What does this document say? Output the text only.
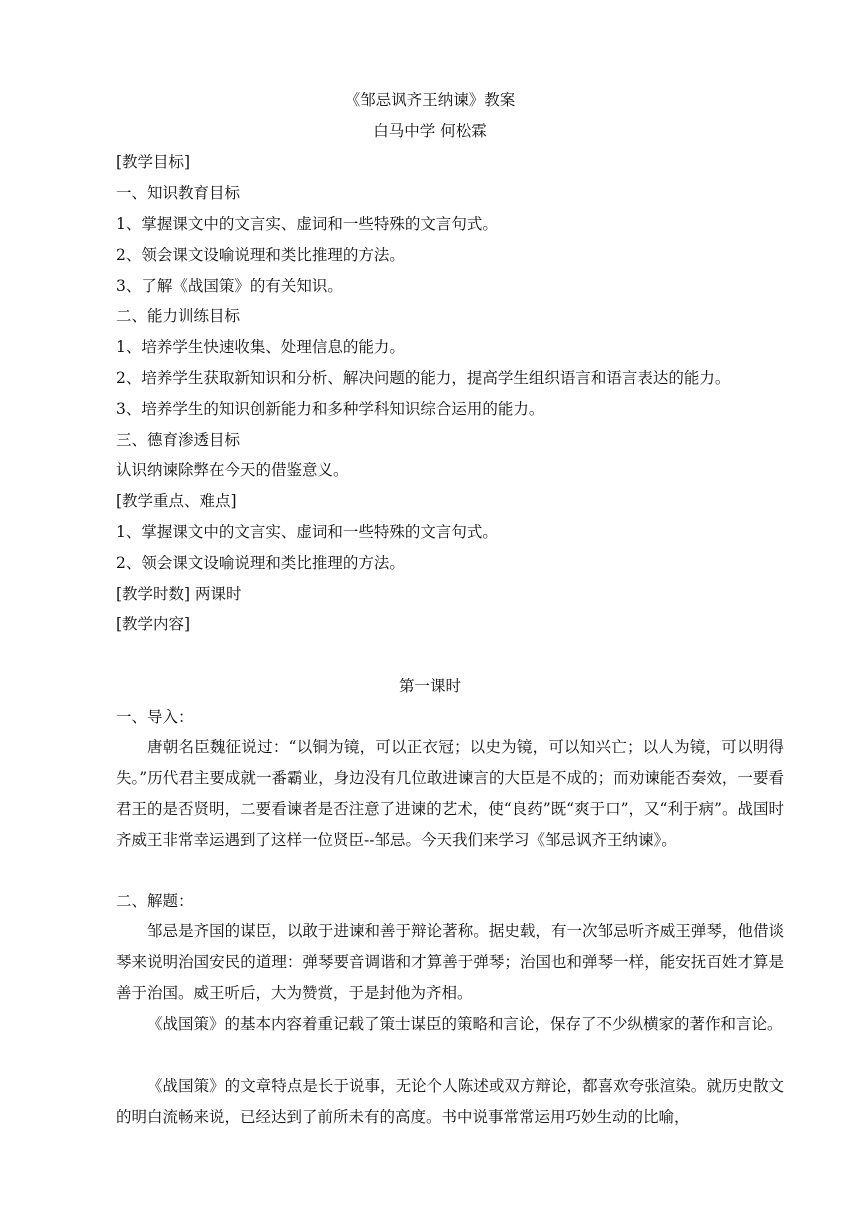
《邹忌讽齐王纳谏》教案
白马中学 何松霖
[教学目标]
一、知识教育目标
1、掌握课文中的文言实、虚词和一些特殊的文言句式。
2、领会课文设喻说理和类比推理的方法。
3、了解《战国策》的有关知识。
二、能力训练目标
1、培养学生快速收集、处理信息的能力。
2、培养学生获取新知识和分析、解决问题的能力，提高学生组织语言和语言表达的能力。
3、培养学生的知识创新能力和多种学科知识综合运用的能力。
三、德育渗透目标
认识纳谏除弊在今天的借鉴意义。
[教学重点、难点]
1、掌握课文中的文言实、虚词和一些特殊的文言句式。
2、领会课文设喻说理和类比推理的方法。
[教学时数] 两课时
[教学内容]
第一课时
一、导入：
唐朝名臣魏征说过：“以铜为镜，可以正衣冠；以史为镜，可以知兴亡；以人为镜，可以明得失。”历代君主要成就一番霸业，身边没有几位敢进谏言的大臣是不成的；而劝谏能否奏效，一要看君王的是否贤明，二要看谏者是否注意了进谏的艺术，使“良药”既“爽于口”，又“利于病”。战国时齐威王非常幸运遇到了这样一位贤臣--邹忌。今天我们来学习《邹忌讽齐王纳谏》。
二、解题：
邹忌是齐国的谋臣，以敢于进谏和善于辩论著称。据史载，有一次邹忌听齐威王弹琴，他借谈琴来说明治国安民的道理：弹琴要音调谐和才算善于弹琴；治国也和弹琴一样，能安抚百姓才算是善于治国。威王听后，大为赞赏，于是封他为齐相。
《战国策》的基本内容着重记载了策士谋臣的策略和言论，保存了不少纵横家的著作和言论。
《战国策》的文章特点是长于说事，无论个人陈述或双方辩论，都喜欢夸张渲染。就历史散文的明白流畅来说，已经达到了前所未有的高度。书中说事常常运用巧妙生动的比喻，
